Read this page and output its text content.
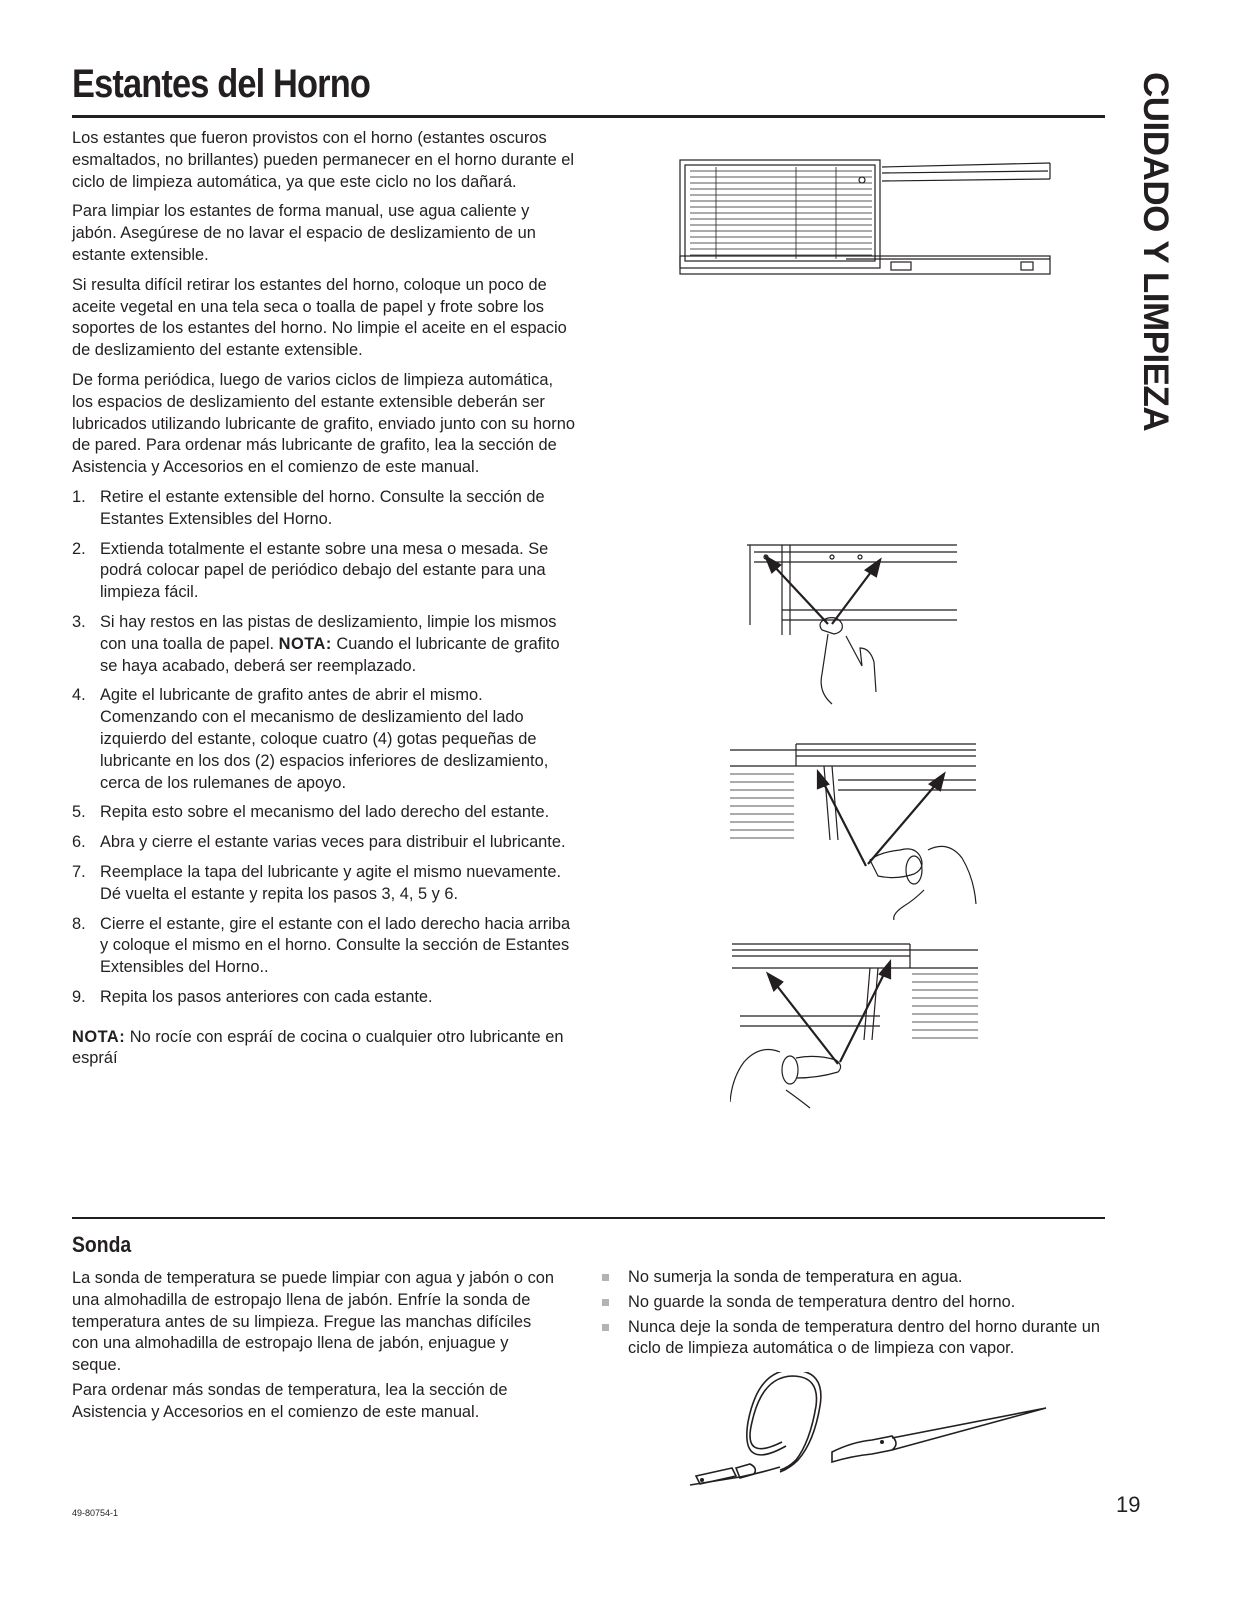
Estantes del Horno	CUIDADO Y LIMPIEZA

Los estantes que fueron provistos con el horno (estantes oscuros esmaltados, no brillantes) pueden permanecer en el horno durante el ciclo de limpieza automática, ya que este ciclo no los dañará.

Para limpiar los estantes de forma manual, use agua caliente y jabón. Asegúrese de no lavar el espacio de deslizamiento de un estante extensible.

Si resulta difícil retirar los estantes del horno, coloque un poco de aceite vegetal en una tela seca o toalla de papel y frote sobre los soportes de los estantes del horno. No limpie el aceite en el espacio de deslizamiento del estante extensible.

De forma periódica, luego de varios ciclos de limpieza automática, los espacios de deslizamiento del estante extensible deberán ser lubricados utilizando lubricante de grafito, enviado junto con su horno de pared. Para ordenar más lubricante de grafito, lea la sección de Asistencia y Accesorios en el comienzo de este manual.

1. Retire el estante extensible del horno. Consulte la sección de Estantes Extensibles del Horno.
2. Extienda totalmente el estante sobre una mesa o mesada. Se podrá colocar papel de periódico debajo del estante para una limpieza fácil.
3. Si hay restos en las pistas de deslizamiento, limpie los mismos con una toalla de papel. NOTA: Cuando el lubricante de grafito se haya acabado, deberá ser reemplazado.
4. Agite el lubricante de grafito antes de abrir el mismo. Comenzando con el mecanismo de deslizamiento del lado izquierdo del estante, coloque cuatro (4) gotas pequeñas de lubricante en los dos (2) espacios inferiores de deslizamiento, cerca de los rulemanes de apoyo.
5. Repita esto sobre el mecanismo del lado derecho del estante.
6. Abra y cierre el estante varias veces para distribuir el lubricante.
7. Reemplace la tapa del lubricante y agite el mismo nuevamente. Dé vuelta el estante y repita los pasos 3, 4, 5 y 6.
8. Cierre el estante, gire el estante con el lado derecho hacia arriba y coloque el mismo en el horno. Consulte la sección de Estantes Extensibles del Horno..
9. Repita los pasos anteriores con cada estante.

NOTA: No rocíe con espráí de cocina o cualquier otro lubricante en espráí

Sonda

La sonda de temperatura se puede limpiar con agua y jabón o con una almohadilla de estropajo llena de jabón. Enfríe la sonda de temperatura antes de su limpieza. Fregue las manchas difíciles con una almohadilla de estropajo llena de jabón, enjuague y seque.

Para ordenar más sondas de temperatura, lea la sección de Asistencia y Accesorios en el comienzo de este manual.

No sumerja la sonda de temperatura en agua.
No guarde la sonda de temperatura dentro del horno.
Nunca deje la sonda de temperatura dentro del horno durante un ciclo de limpieza automática o de limpieza con vapor.
49-80754-1	19
